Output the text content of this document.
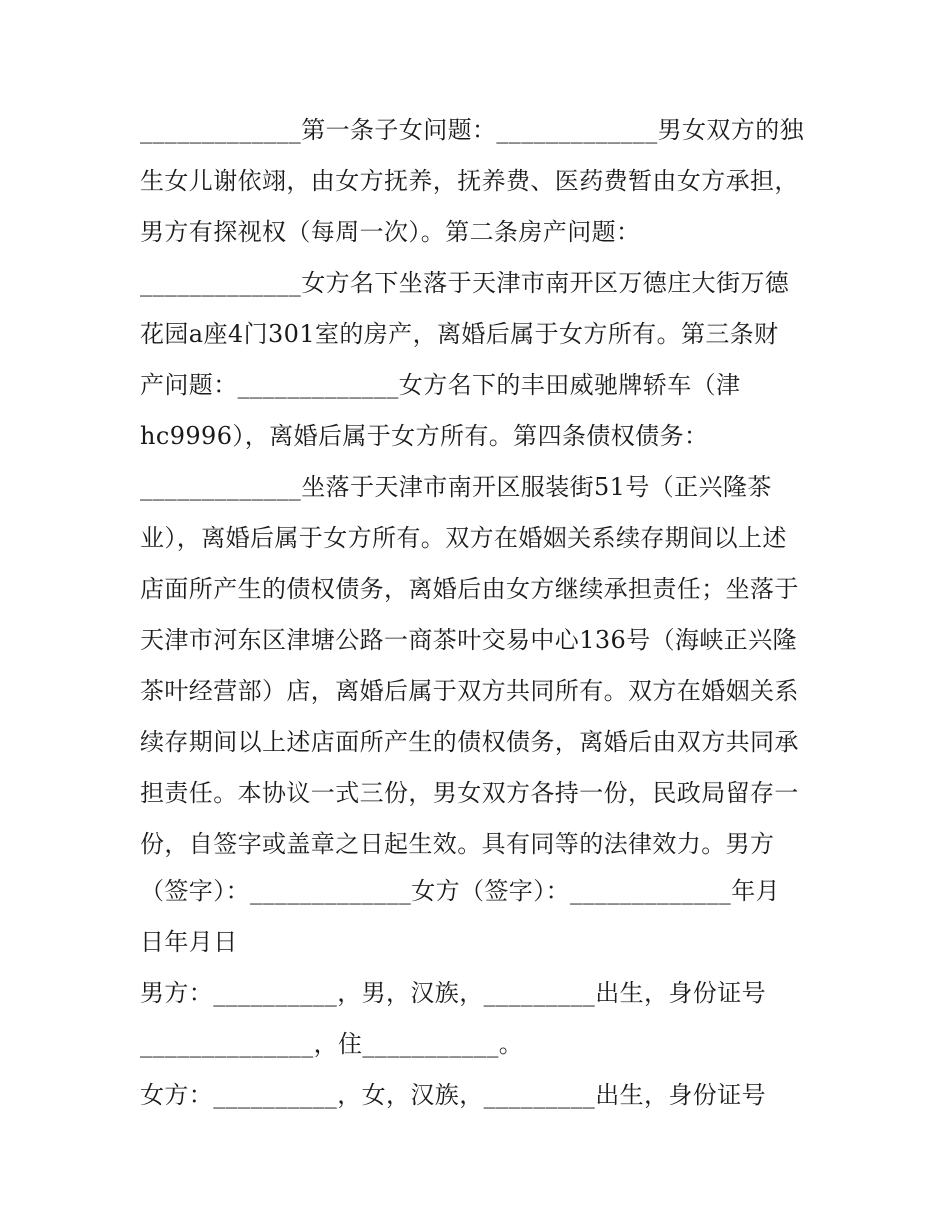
_____________第一条子女问题：_____________男女双方的独
生女儿谢依翊，由女方抚养，抚养费、医药费暂由女方承担，
男方有探视权（每周一次）。第二条房产问题：
_____________女方名下坐落于天津市南开区万德庄大街万德
花园a座4门301室的房产，离婚后属于女方所有。第三条财
产问题：_____________女方名下的丰田威驰牌轿车（津
hc9996），离婚后属于女方所有。第四条债权债务：
_____________坐落于天津市南开区服装街51号（正兴隆茶
业），离婚后属于女方所有。双方在婚姻关系续存期间以上述
店面所产生的债权债务，离婚后由女方继续承担责任；坐落于
天津市河东区津塘公路一商茶叶交易中心136号（海峡正兴隆
茶叶经营部）店，离婚后属于双方共同所有。双方在婚姻关系
续存期间以上述店面所产生的债权债务，离婚后由双方共同承
担责任。本协议一式三份，男女双方各持一份，民政局留存一
份，自签字或盖章之日起生效。具有同等的法律效力。男方
（签字）：_____________女方（签字）：_____________年月
日年月日
男方：__________，男，汉族，_________出生，身份证号
______________，住___________。
女方：__________，女，汉族，_________出生，身份证号
